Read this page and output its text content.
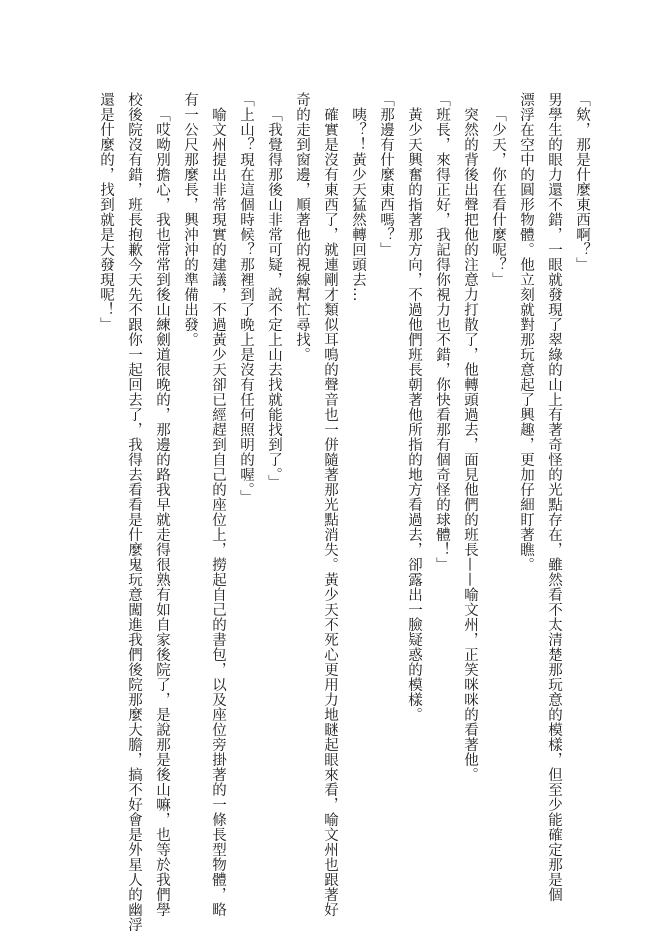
「欸，那是什麼東西啊？」
男學生的眼力還不錯，一眼就發現了翠綠的山上有著奇怪的光點存在，雖然看不太清楚那玩意的模樣，但至少能確定那是個
漂浮在空中的圓形物體。他立刻就對那玩意起了興趣，更加仔細盯著瞧。
「少天，你在看什麼呢？」
突然的背後出聲把他的注意力打散了，他轉頭過去，面見他們的班長——喻文州，正笑咪咪的看著他。
「班長，來得正好，我記得你視力也不錯，你快看那有個奇怪的球體！」
黃少天興奮的指著那方向，不過他們班長朝著他所指的地方看過去，卻露出一臉疑惑的模樣。
「那邊有什麼東西嗎？」
咦？！黃少天猛然轉回頭去…
確實是沒有東西了，就連剛才類似耳鳴的聲音也一併隨著那光點消失。黃少天不死心更用力地瞇起眼來看，喻文州也跟著好
奇的走到窗邊，順著他的視線幫忙尋找。
「我覺得那後山非常可疑，說不定上山去找就能找到了。」
「上山？現在這個時候？那裡到了晚上是沒有任何照明的喔。」
喻文州提出非常現實的建議，不過黃少天卻已經趕到自己的座位上，撈起自己的書包，以及座位旁掛著的一條長型物體，略
有一公尺那麼長，興沖沖的準備出發。
「哎呦別擔心，我也常常到後山練劍道很晚的，那邊的路我早就走得很熟有如自家後院了，是說那是後山嘛，也等於我們學
校後院沒有錯，班長抱歉今天先不跟你一起回去了，我得去看看是什麼鬼玩意闖進我們後院那麼大膽，搞不好會是外星人的幽浮
還是什麼的，找到就是大發現呢！」
